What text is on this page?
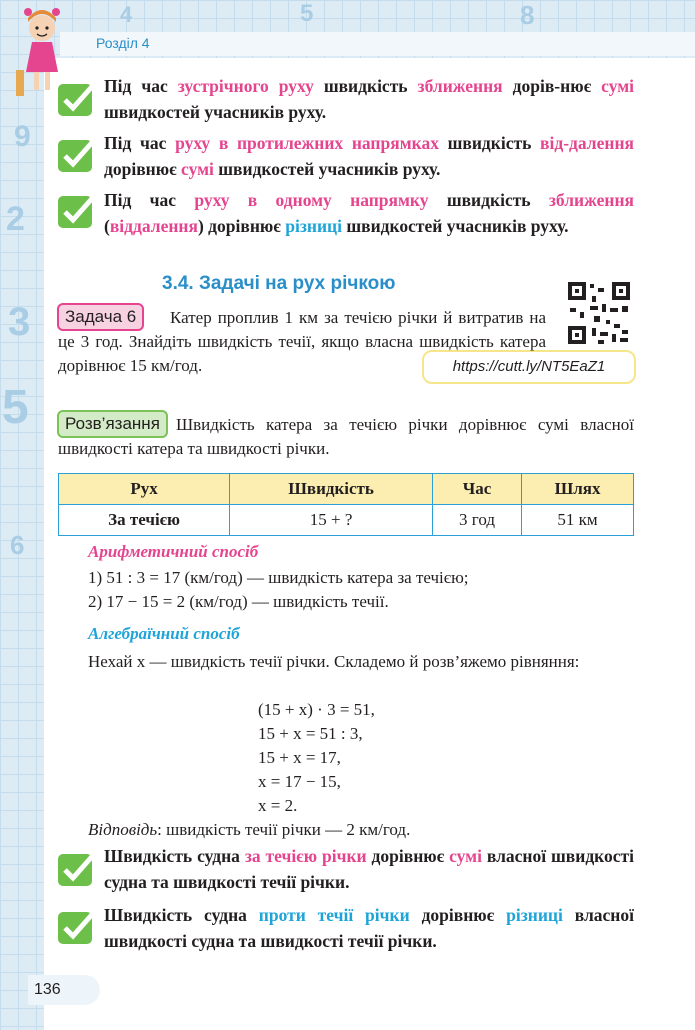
9
2
3
5
6
4	5	8
Розділ 4
Під час зустрічного руху швидкість зближення дорів-нює сумі швидкостей учасників руху.
Під час руху в протилежних напрямках швидкість від-далення дорівнює сумі швидкостей учасників руху.
Під час руху в одному напрямку швидкість зближення (віддалення) дорівнює різниці швидкостей учасників руху.
3.4. Задачі на рух річкою
https://cutt.ly/NT5EaZ1
Задача 6	Катер проплив 1 км за течією річки й витратив на це 3 год. Знайдіть швидкість течії, якщо власна швидкість катера дорівнює 15 км/год.
Розв’язання Швидкість катера за течією річки дорівнює сумі власної швидкості катера та швидкості річки.
Рух	Швидкість	Час	Шлях
За течією	15 + ?	3 год	51 км
Арифметичний спосіб
1) 51 : 3 = 17 (км/год) — швидкість катера за течією;
2) 17 − 15 = 2 (км/год) — швидкість течії.
Алгебраїчний спосіб
Нехай x — швидкість течії річки. Складемо й розв’яжемо рівняння:
(15 + x) · 3 = 51,
15 + x = 51 : 3,
15 + x = 17,
x = 17 − 15,
x = 2.
Відповідь: швидкість течії річки — 2 км/год.
Швидкість судна за течією річки дорівнює сумі власної швидкості судна та швидкості течії річки.
Швидкість судна проти течії річки дорівнює різниці власної швидкості судна та швидкості течії річки.
136
